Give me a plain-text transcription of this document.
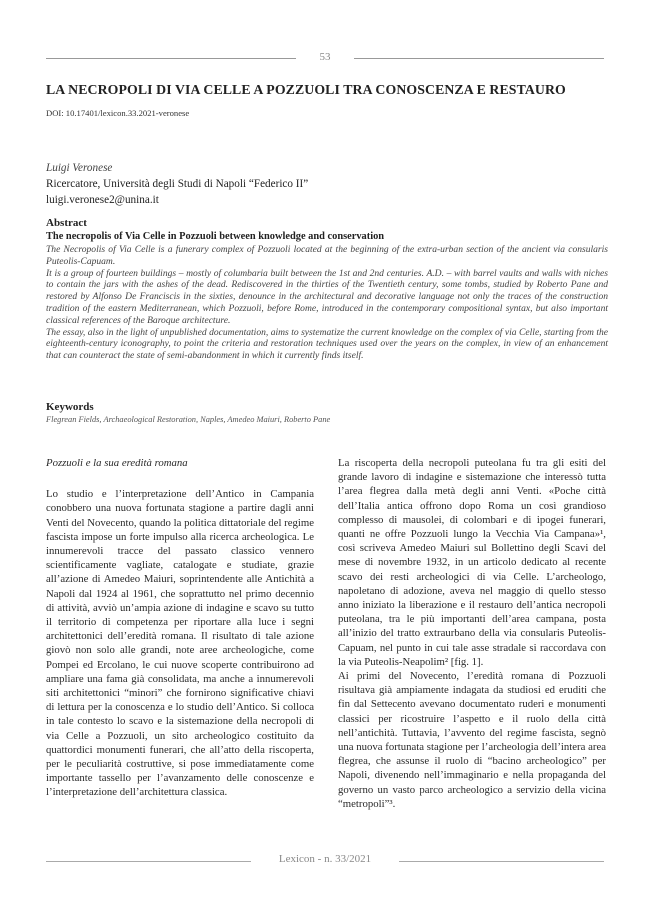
53
LA NECROPOLI DI VIA CELLE A POZZUOLI TRA CONOSCENZA E RESTAURO
DOI: 10.17401/lexicon.33.2021-veronese
Luigi Veronese
Ricercatore, Università degli Studi di Napoli “Federico II”
luigi.veronese2@unina.it
Abstract
The necropolis of Via Celle in Pozzuoli between knowledge and conservation

The Necropolis of Via Celle is a funerary complex of Pozzuoli located at the beginning of the extra-urban section of the ancient via consularis Puteolis-Capuam.

It is a group of fourteen buildings – mostly of columbaria built between the 1st and 2nd centuries. A.D. – with barrel vaults and walls with niches to contain the jars with the ashes of the dead. Rediscovered in the thirties of the Twentieth century, some tombs, studied by Roberto Pane and restored by Alfonso De Franciscis in the sixties, denounce in the architectural and decorative language not only the traces of the construction tradition of the eastern Mediterranean, which Pozzuoli, before Rome, introduced in the contemporary compositional syntax, but also important classical references of the Baroque architecture.

The essay, also in the light of unpublished documentation, aims to systematize the current knowledge on the complex of via Celle, starting from the eighteenth-century iconography, to point the criteria and restoration techniques used over the years on the complex, in view of an enhancement that can counteract the state of semi-abandonment in which it currently finds itself.

Keywords

Flegrean Fields, Archaeological Restoration, Naples, Amedeo Maiuri, Roberto Pane

Pozzuoli e la sua eredità romana

Lo studio e l’interpretazione dell’Antico in Campania conobbero una nuova fortunata stagione a partire dagli anni Venti del Novecento, quando la politica dittatoriale del regime fascista impose un forte impulso alla ricerca archeologica. Le innumerevoli tracce del passato classico vennero scientificamente vagliate, catalogate e studiate, grazie all’azione di Amedeo Maiuri, soprintendente alle Antichità a Napoli dal 1924 al 1961, che soprattutto nel primo decennio di attività, avviò un’ampia azione di indagine e scavo su tutto il territorio di competenza per riportare alla luce i segni architettonici dell’eredità romana. Il risultato di tale azione giovò non solo alle grandi, note aree archeologiche, come Pompei ed Ercolano, le cui nuove scoperte contribuirono ad ampliare una fama già consolidata, ma anche a innumerevoli siti architettonici “minori” che fornirono significative chiavi di lettura per la conoscenza e lo studio dell’Antico. Si colloca in tale contesto lo scavo e la sistemazione della necropoli di via Celle a Pozzuoli, un sito archeologico costituito da quattordici monumenti funerari, che all’atto della riscoperta, per le peculiarità costruttive, si pose immediatamente come importante tassello per l’avanzamento delle conoscenze e l’interpretazione dell’architettura classica.

La riscoperta della necropoli puteolana fu tra gli esiti del grande lavoro di indagine e sistemazione che interessò tutta l’area flegrea dalla metà degli anni Venti. «Poche città dell’Italia antica offrono dopo Roma un così grandioso complesso di mausolei, di colombari e di ipogei funerari, quanti ne offre Pozzuoli lungo la Vecchia Via Campana»¹, così scriveva Amedeo Maiuri sul Bollettino degli Scavi del mese di novembre 1932, in un articolo dedicato al recente scavo dei resti archeologici di via Celle. L’archeologo, napoletano di adozione, aveva nel maggio di quello stesso anno iniziato la liberazione e il restauro dell’antica necropoli puteolana, tra le più importanti dell’area campana, posta all’inizio del tratto extraurbano della via consularis Puteolis-Capuam, nel punto in cui tale asse stradale si raccordava con la via Puteolis-Neapolim² [fig. 1].

Ai primi del Novecento, l’eredità romana di Pozzuoli risultava già ampiamente indagata da studiosi ed eruditi che fin dal Settecento avevano documentato ruderi e monumenti classici per ricostruire l’aspetto e il ruolo della città nell’antichità. Tuttavia, l’avvento del regime fascista, segnò una nuova fortunata stagione per l’archeologia dell’intera area flegrea, che assunse il ruolo di “bacino archeologico” per Napoli, divenendo nell’immaginario e nella propaganda del governo un vasto parco archeologico a servizio della vicina “metropoli”³.

Lexicon - n. 33/2021
